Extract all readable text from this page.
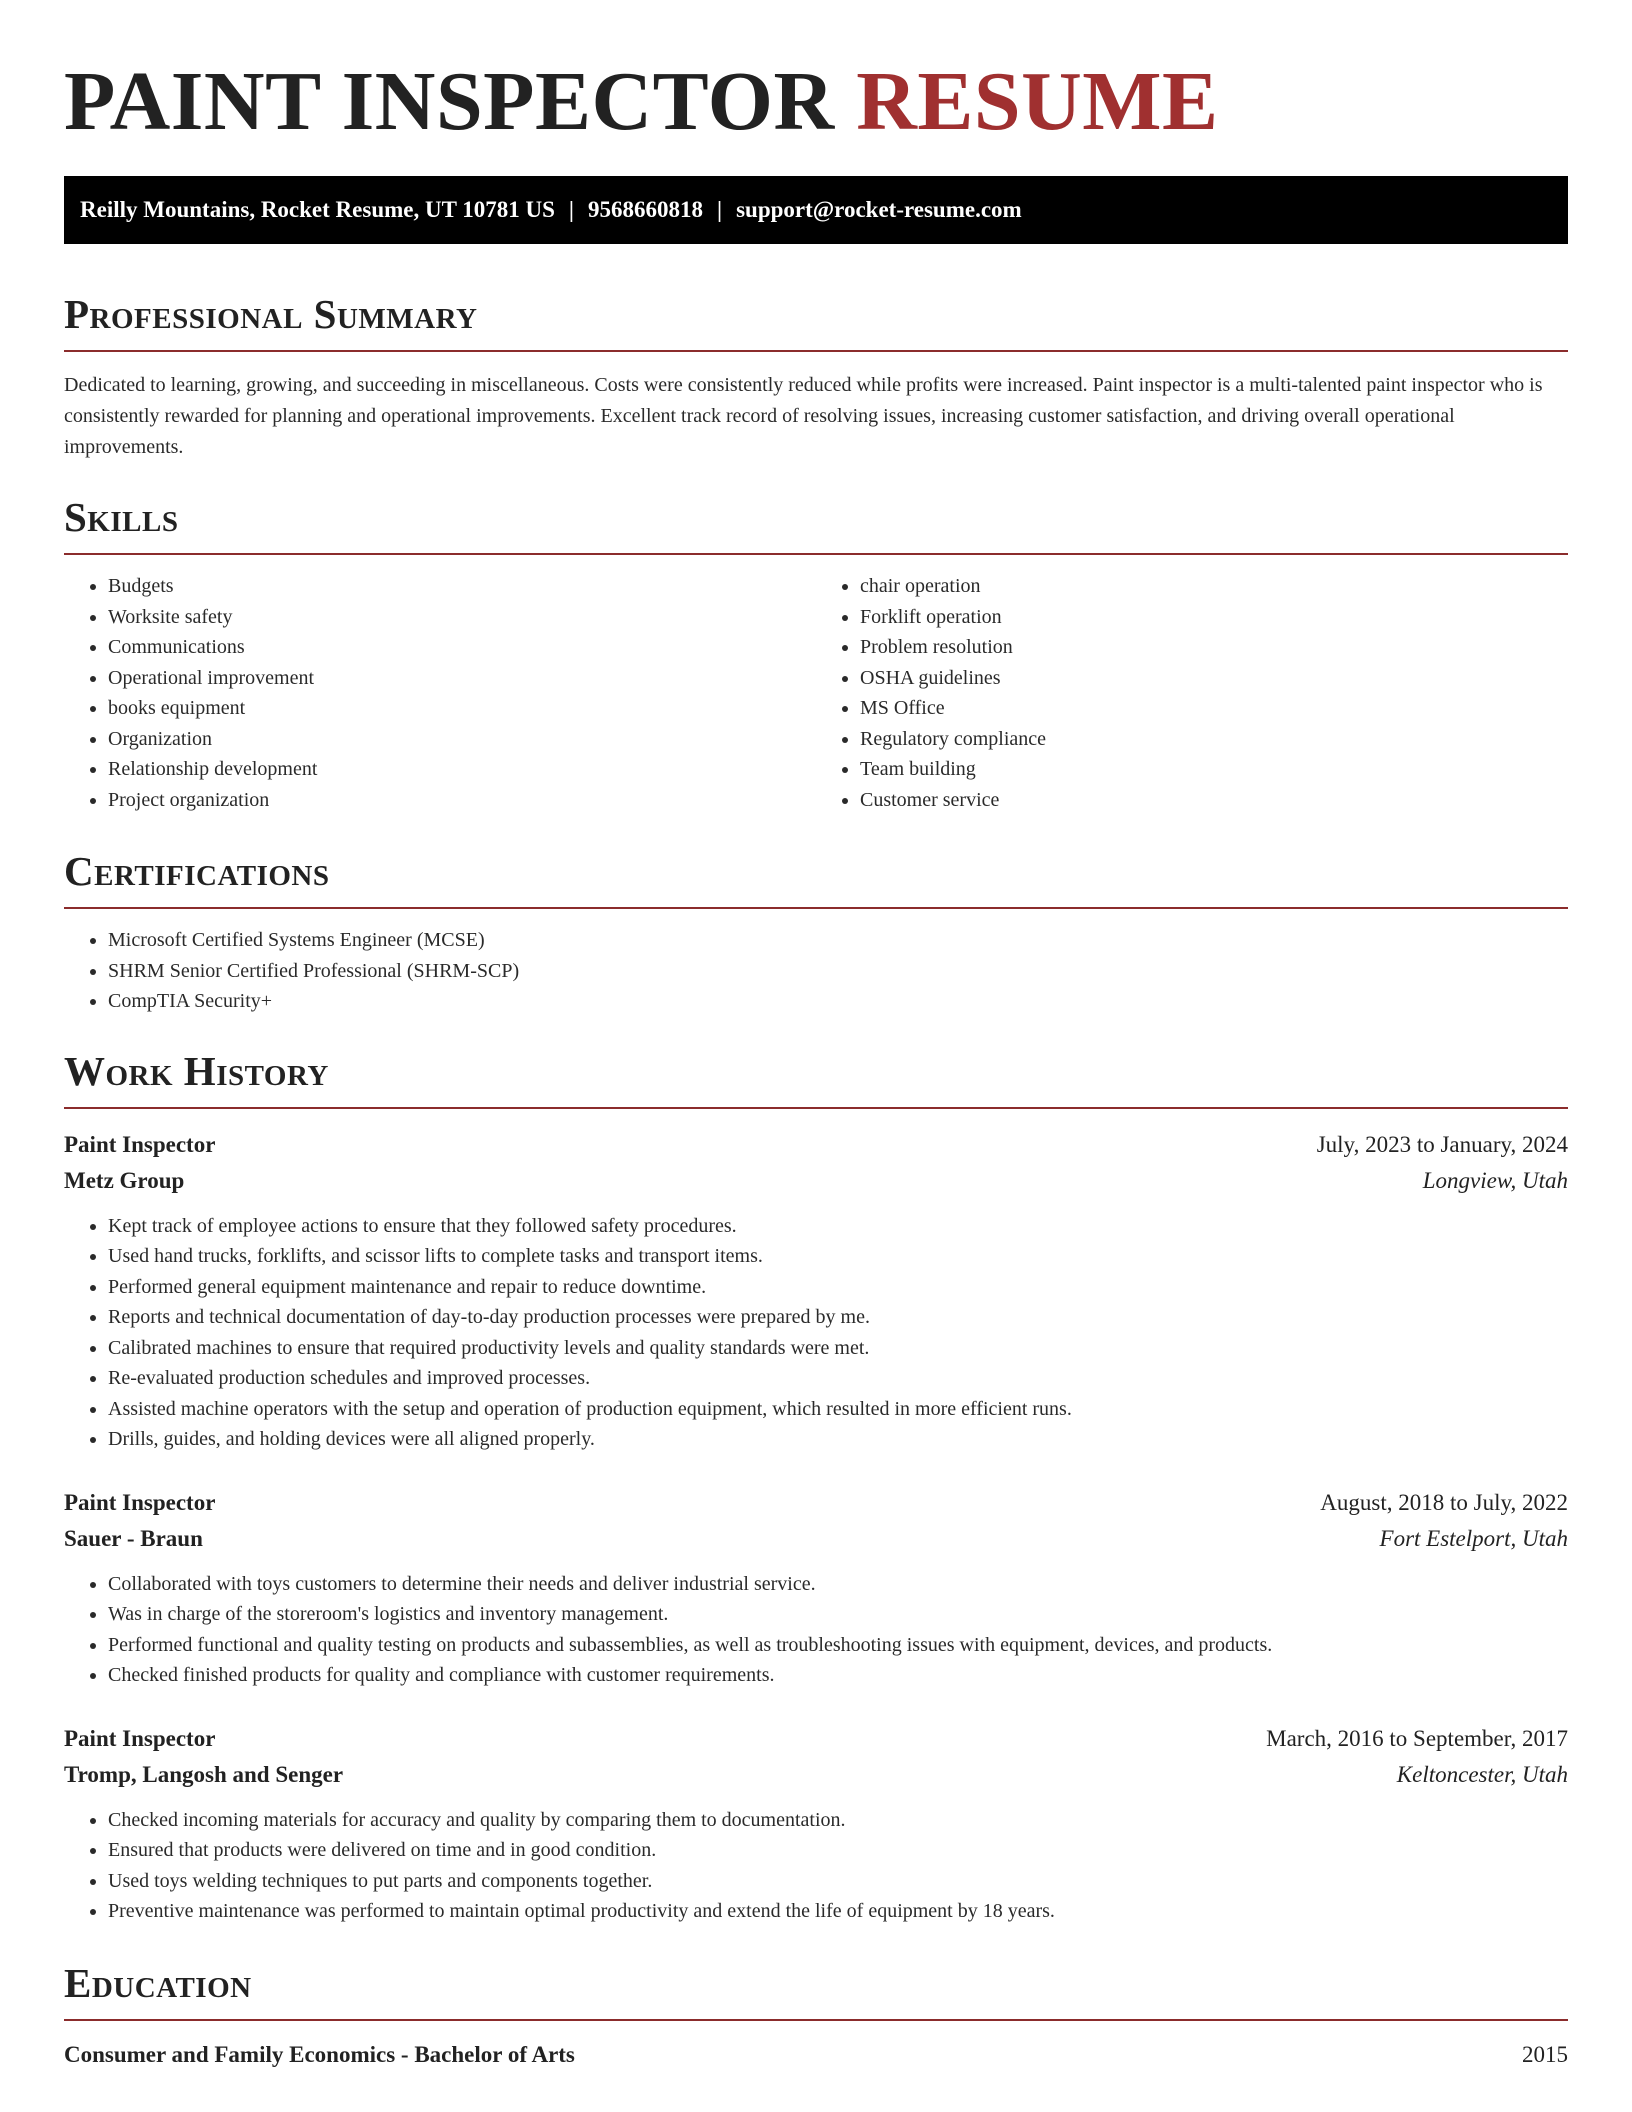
PAINT INSPECTOR RESUME
Reilly Mountains, Rocket Resume, UT 10781 US | 9568660818 | support@rocket-resume.com
Professional Summary

Dedicated to learning, growing, and succeeding in miscellaneous. Costs were consistently reduced while profits were increased. Paint inspector is a multi-talented paint inspector who is consistently rewarded for planning and operational improvements. Excellent track record of resolving issues, increasing customer satisfaction, and driving overall operational improvements.

Skills
• Budgets
• Worksite safety
• Communications
• Operational improvement
• books equipment
• Organization
• Relationship development
• Project organization
• chair operation
• Forklift operation
• Problem resolution
• OSHA guidelines
• MS Office
• Regulatory compliance
• Team building
• Customer service
Certifications
• Microsoft Certified Systems Engineer (MCSE)
• SHRM Senior Certified Professional (SHRM-SCP)
• CompTIA Security+
Work History
Paint Inspector	July, 2023 to January, 2024
Metz Group	Longview, Utah
• Kept track of employee actions to ensure that they followed safety procedures.
• Used hand trucks, forklifts, and scissor lifts to complete tasks and transport items.
• Performed general equipment maintenance and repair to reduce downtime.
• Reports and technical documentation of day-to-day production processes were prepared by me.
• Calibrated machines to ensure that required productivity levels and quality standards were met.
• Re-evaluated production schedules and improved processes.
• Assisted machine operators with the setup and operation of production equipment, which resulted in more efficient runs.
• Drills, guides, and holding devices were all aligned properly.
Paint Inspector	August, 2018 to July, 2022
Sauer - Braun	Fort Estelport, Utah
• Collaborated with toys customers to determine their needs and deliver industrial service.
• Was in charge of the storeroom's logistics and inventory management.
• Performed functional and quality testing on products and subassemblies, as well as troubleshooting issues with equipment, devices, and products.
• Checked finished products for quality and compliance with customer requirements.
Paint Inspector	March, 2016 to September, 2017
Tromp, Langosh and Senger	Keltoncester, Utah
• Checked incoming materials for accuracy and quality by comparing them to documentation.
• Ensured that products were delivered on time and in good condition.
• Used toys welding techniques to put parts and components together.
• Preventive maintenance was performed to maintain optimal productivity and extend the life of equipment by 18 years.
Education
Consumer and Family Economics - Bachelor of Arts	2015
